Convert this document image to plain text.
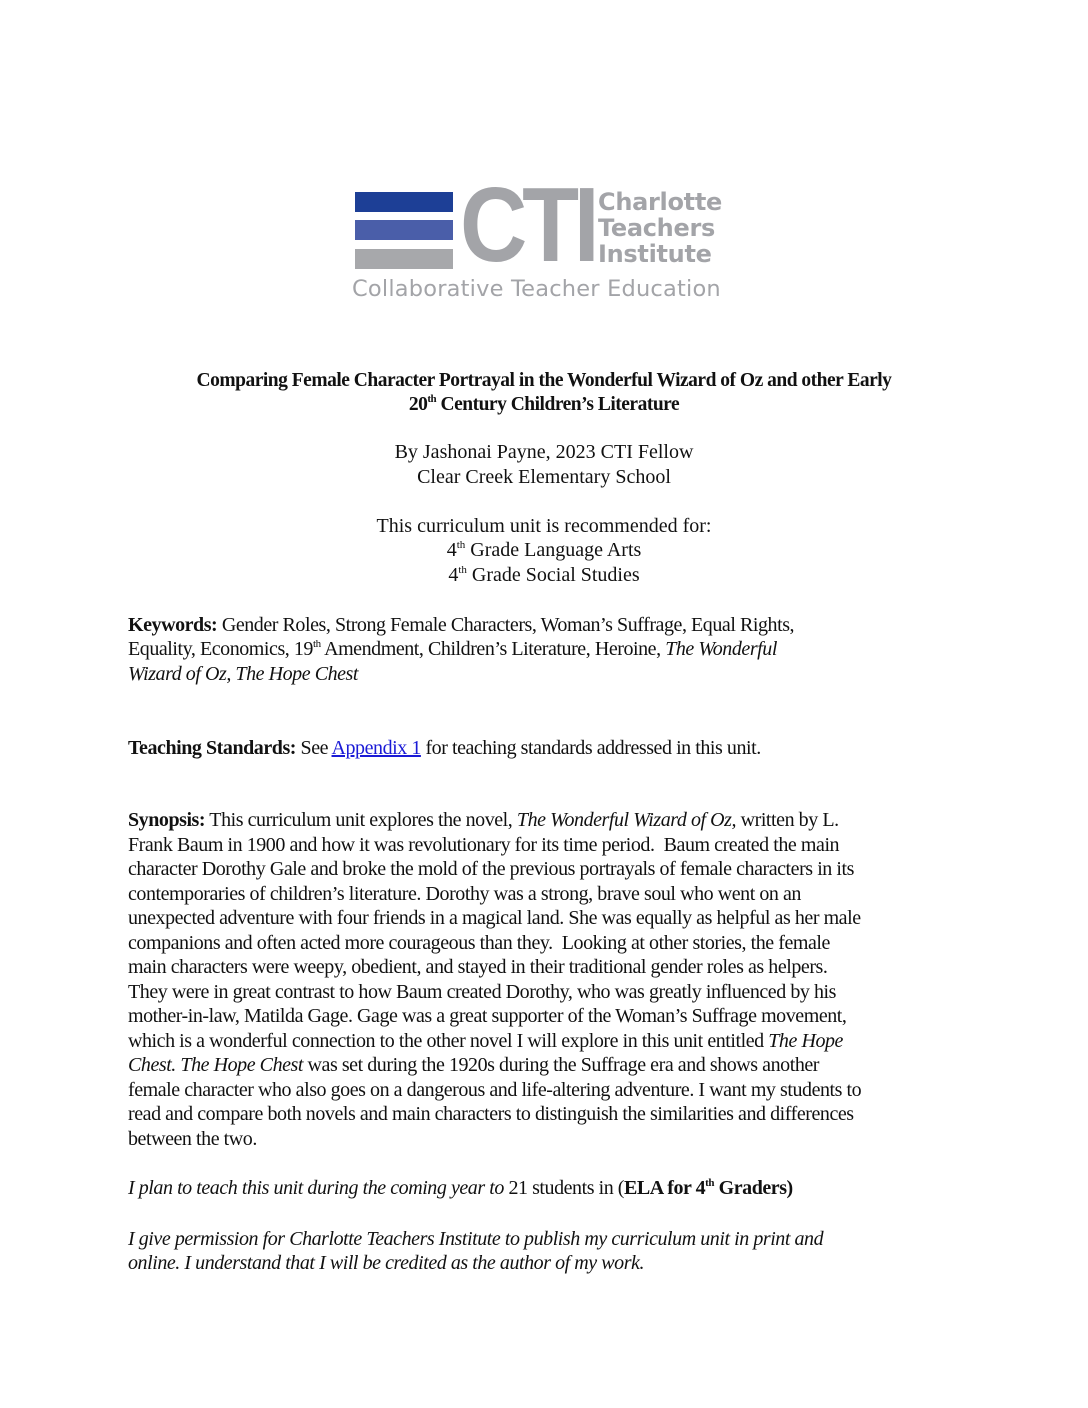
CTI Charlotte
Teachers
Institute
Collaborative Teacher Education
Comparing Female Character Portrayal in the Wonderful Wizard of Oz and other Early
20th Century Children’s Literature
By Jashonai Payne, 2023 CTI Fellow
Clear Creek Elementary School
This curriculum unit is recommended for:
4th Grade Language Arts
4th Grade Social Studies
Keywords: Gender Roles, Strong Female Characters, Woman’s Suffrage, Equal Rights,
Equality, Economics, 19th Amendment, Children’s Literature, Heroine, The Wonderful
Wizard of Oz, The Hope Chest
Teaching Standards: See Appendix 1 for teaching standards addressed in this unit.
Synopsis: This curriculum unit explores the novel, The Wonderful Wizard of Oz, written by L.
Frank Baum in 1900 and how it was revolutionary for its time period.  Baum created the main
character Dorothy Gale and broke the mold of the previous portrayals of female characters in its
contemporaries of children’s literature. Dorothy was a strong, brave soul who went on an
unexpected adventure with four friends in a magical land. She was equally as helpful as her male
companions and often acted more courageous than they.  Looking at other stories, the female
main characters were weepy, obedient, and stayed in their traditional gender roles as helpers.
They were in great contrast to how Baum created Dorothy, who was greatly influenced by his
mother-in-law, Matilda Gage. Gage was a great supporter of the Woman’s Suffrage movement,
which is a wonderful connection to the other novel I will explore in this unit entitled The Hope
Chest. The Hope Chest was set during the 1920s during the Suffrage era and shows another
female character who also goes on a dangerous and life-altering adventure. I want my students to
read and compare both novels and main characters to distinguish the similarities and differences
between the two.
I plan to teach this unit during the coming year to 21 students in (ELA for 4th Graders)
I give permission for Charlotte Teachers Institute to publish my curriculum unit in print and
online. I understand that I will be credited as the author of my work.
